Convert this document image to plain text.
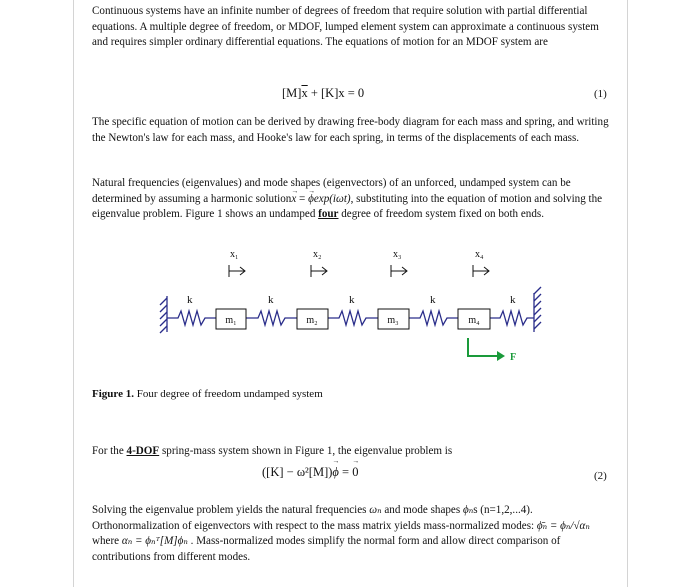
Continuous systems have an infinite number of degrees of freedom that require solution with partial differential equations. A multiple degree of freedom, or MDOF, lumped element system can approximate a continuous system and requires simpler ordinary differential equations. The equations of motion for an MDOF system are

$[M]\overline{x} + [K]x = 0$	(1)

The specific equation of motion can be derived by drawing free-body diagram for each mass and spring, and writing the Newton's law for each mass, and Hooke's law for each spring, in terms of the displacements of each mass.

Natural frequencies (eigenvalues) and mode shapes (eigenvectors) of an unforced, undamped system can be determined by assuming a harmonic solution→ x = → ϕexp(iωt), substituting into the equation of motion and solving the eigenvalue problem. Figure 1 shows an undamped four degree of freedom system fixed on both ends.

x₁	x₂	x₃	x₄
k	k	k	k	k
m₁	m₂	m₃	m₄
F
Figure 1. Four degree of freedom undamped system

For the 4-DOF spring-mass system shown in Figure 1, the eigenvalue problem is

([K] − ω²[M])→ ϕ = → 0	(2)

Solving the eigenvalue problem yields the natural frequencies ωₙ and mode shapes ϕₙs (n=1,2,...4). Orthonormalization of eigenvectors with respect to the mass matrix yields mass-normalized modes: ϕ̄ₙ = ϕₙ/√αₙ where αₙ = ϕₙᵀ[M]ϕₙ . Mass-normalized modes simplify the normal form and allow direct comparison of contributions from different modes.
